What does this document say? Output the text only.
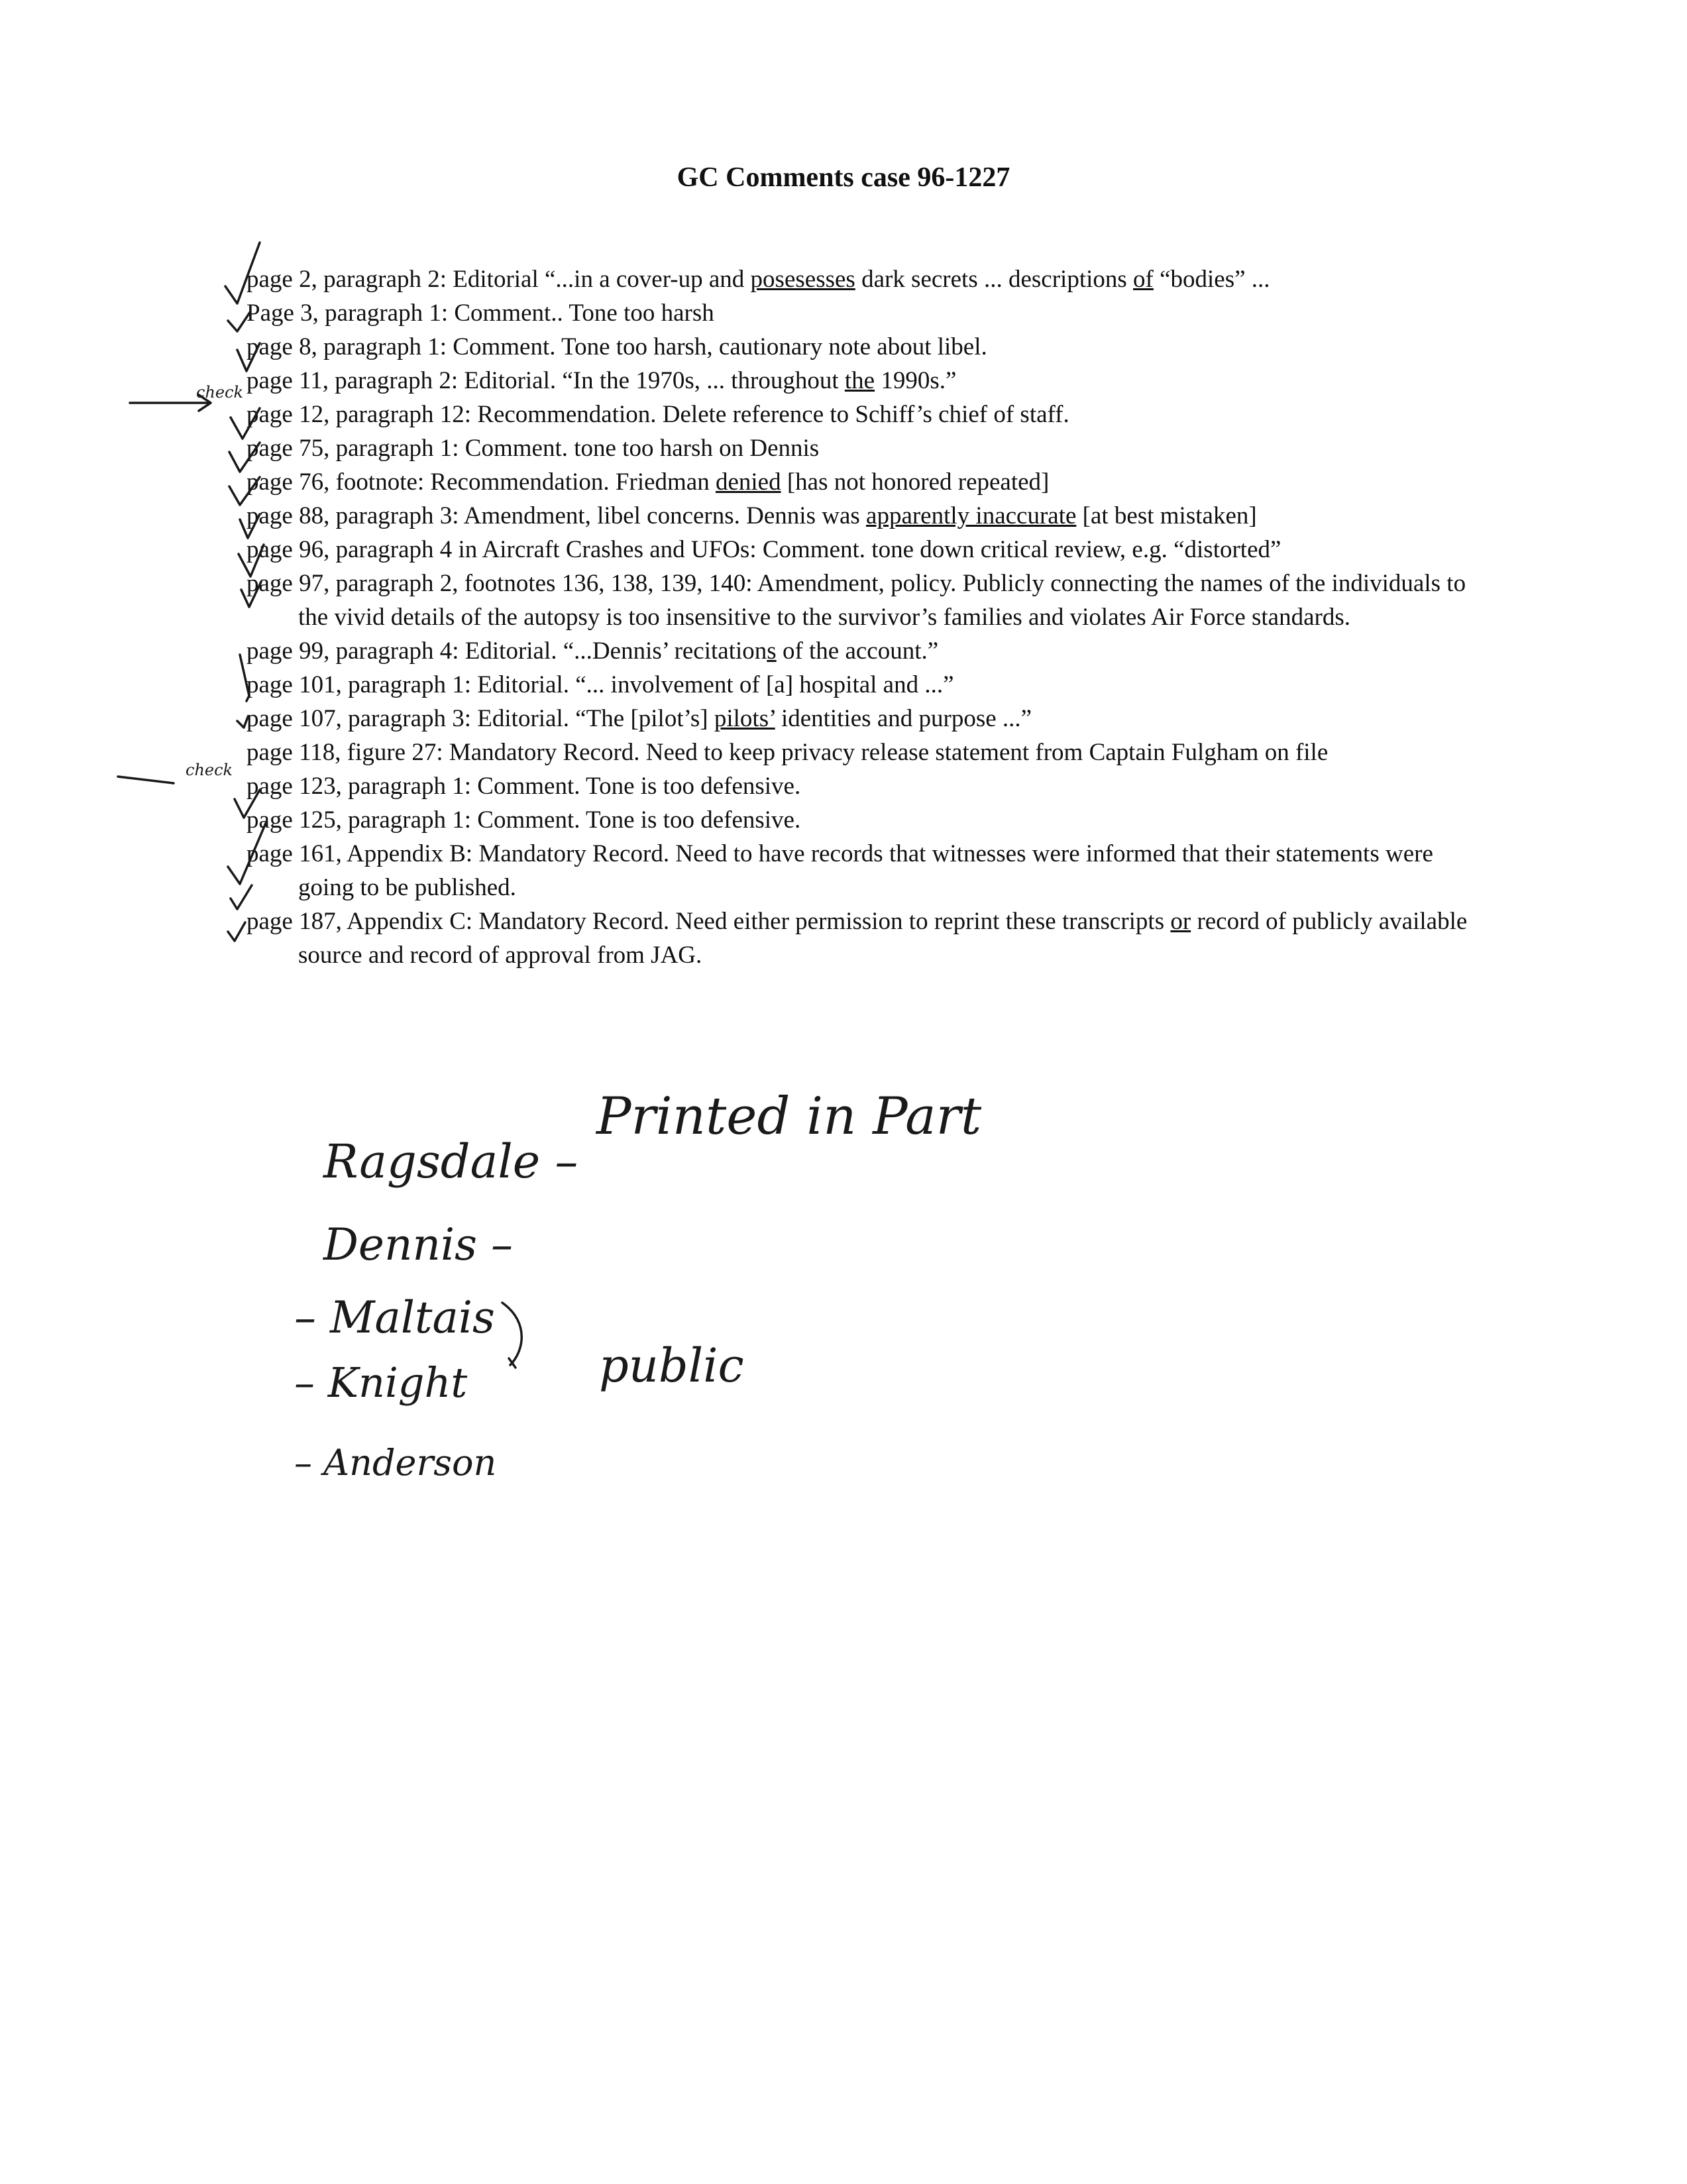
GC Comments case 96-1227

page 2, paragraph 2: Editorial “...in a cover-up and posesesses dark secrets ... descriptions of “bodies” ...

Page 3, paragraph 1: Comment.. Tone too harsh

page 8, paragraph 1: Comment. Tone too harsh, cautionary note about libel.

page 11, paragraph 2: Editorial. “In the 1970s, ... throughout the 1990s.”

page 12, paragraph 12: Recommendation. Delete reference to Schiff’s chief of staff.

page 75, paragraph 1: Comment. tone too harsh on Dennis

page 76, footnote: Recommendation. Friedman denied [has not honored repeated]

page 88, paragraph 3: Amendment, libel concerns. Dennis was apparently inaccurate [at best mistaken]

page 96, paragraph 4 in Aircraft Crashes and UFOs: Comment. tone down critical review, e.g. “distorted”

page 97, paragraph 2, footnotes 136, 138, 139, 140: Amendment, policy. Publicly connecting the names of the individuals to the vivid details of the autopsy is too insensitive to the survivor’s families and violates Air Force standards.

page 99, paragraph 4: Editorial. “...Dennis’ recitations of the account.”

page 101, paragraph 1: Editorial. “... involvement of [a] hospital and ...”

page 107, paragraph 3: Editorial. “The [pilot’s] pilots’ identities and purpose ...”

page 118, figure 27: Mandatory Record. Need to keep privacy release statement from Captain Fulgham on file

page 123, paragraph 1: Comment. Tone is too defensive.

page 125, paragraph 1: Comment. Tone is too defensive.

page 161, Appendix B: Mandatory Record. Need to have records that witnesses were informed that their statements were going to be published.

page 187, Appendix C: Mandatory Record. Need either permission to reprint these transcripts or record of publicly available source and record of approval from JAG.

check
check
Ragsdale –
Printed in Part
Dennis –
– Maltais
– Knight
– Anderson
public
